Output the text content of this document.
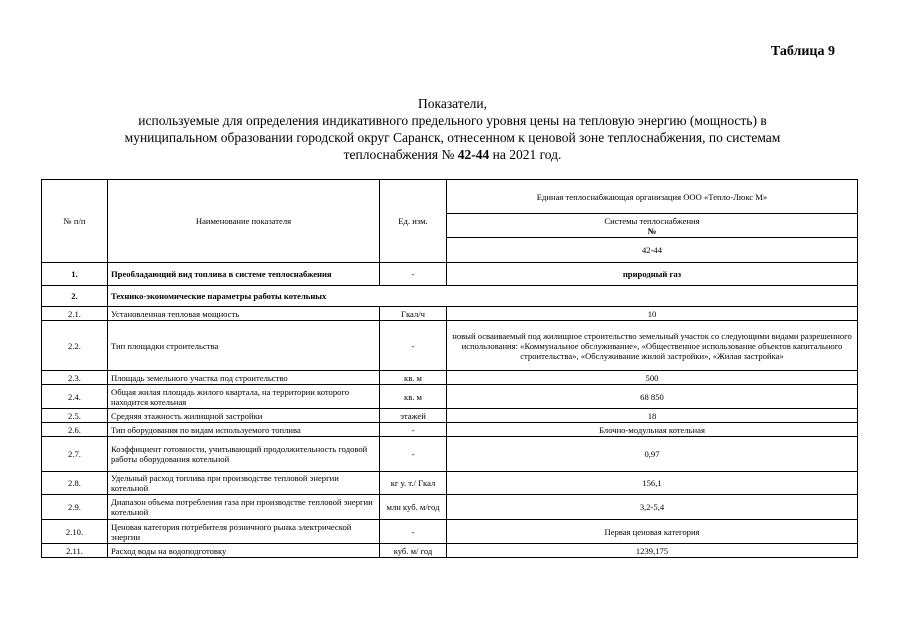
Таблица 9
Показатели,
используемые для определения индикативного предельного уровня цены на тепловую энергию (мощность) в
муниципальном образовании городской округ Саранск, отнесенном к ценовой зоне теплоснабжения, по системам
теплоснабжения № 42-44 на 2021 год.
№ п/п	Наименование показателя	Ед. изм.	Единая теплоснабжающая организация ООО «Тепло-Люкс М»

			Системы теплоснабжения
№

			42-44
1.	Преобладающий вид топлива в системе теплоснабжения	-	природный газ
2.	Технико-экономические параметры работы котельных		
2.1.	Установленная тепловая мощность	Гкал/ч	10
2.2.	Тип площадки строительства	-	новый осваиваемый под жилищное строительство земельный участок со следующими видами разрешенного использования: «Коммунальное обслуживание», «Общественное использование объектов капитального строительства», «Обслуживание жилой застройки», «Жилая застройка»
2.3.	Площадь земельного участка под строительство	кв. м	500
2.4.	Общая жилая площадь жилого квартала, на территории которого находится котельная	кв. м	68 850
2.5.	Средняя этажность жилищной застройки	этажей	18
2.6.	Тип оборудования по видам используемого топлива	-	Блочно-модульная котельная
2.7.	Коэффициент готовности, учитывающий продолжительность годовой работы оборудования котельной	-	0,97
2.8.	Удельный расход топлива при производстве тепловой энергии котельной	кг у. т./ Гкал	156,1
2.9.	Диапазон объема потребления газа при производстве тепловой энергии котельной	млн куб. м/год	3,2-5,4
2.10.	Ценовая категория потребителя розничного рынка электрической энергии	-	Первая ценовая категория
2.11.	Расход воды на водоподготовку	куб. м/ год	1239,175
